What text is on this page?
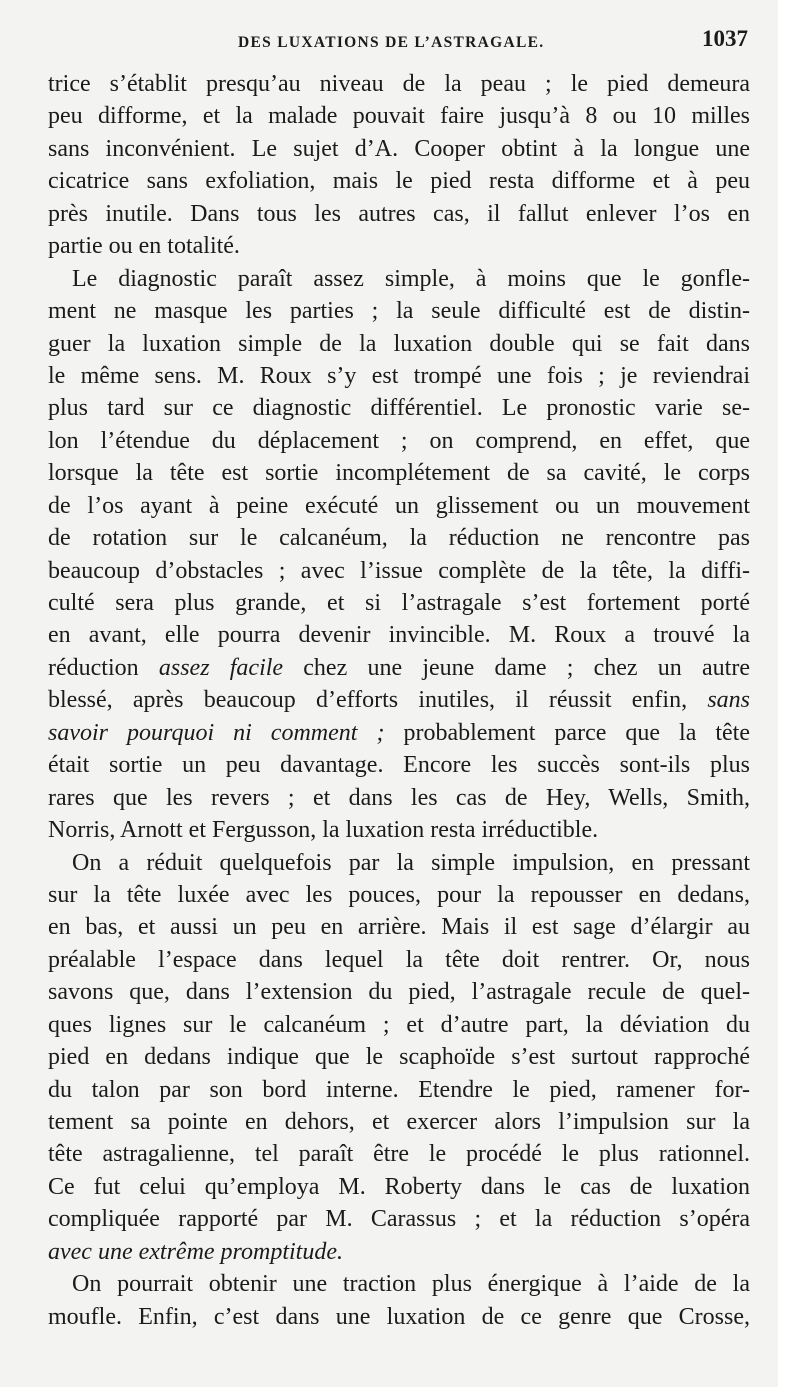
DES LUXATIONS DE L’ASTRAGALE.	1037
trice s’établit presqu’au niveau de la peau ; le pied demeura
peu difforme, et la malade pouvait faire jusqu’à 8 ou 10 milles
sans inconvénient. Le sujet d’A. Cooper obtint à la longue une
cicatrice sans exfoliation, mais le pied resta difforme et à peu
près inutile. Dans tous les autres cas, il fallut enlever l’os en
partie ou en totalité.
Le diagnostic paraît assez simple, à moins que le gonfle-
ment ne masque les parties ; la seule difficulté est de distin-
guer la luxation simple de la luxation double qui se fait dans
le même sens. M. Roux s’y est trompé une fois ; je reviendrai
plus tard sur ce diagnostic différentiel. Le pronostic varie se-
lon l’étendue du déplacement ; on comprend, en effet, que
lorsque la tête est sortie incomplétement de sa cavité, le corps
de l’os ayant à peine exécuté un glissement ou un mouvement
de rotation sur le calcanéum, la réduction ne rencontre pas
beaucoup d’obstacles ; avec l’issue complète de la tête, la diffi-
culté sera plus grande, et si l’astragale s’est fortement porté
en avant, elle pourra devenir invincible. M. Roux a trouvé la
réduction assez facile chez une jeune dame ; chez un autre
blessé, après beaucoup d’efforts inutiles, il réussit enfin, sans
savoir pourquoi ni comment ; probablement parce que la tête
était sortie un peu davantage. Encore les succès sont-ils plus
rares que les revers ; et dans les cas de Hey, Wells, Smith,
Norris, Arnott et Fergusson, la luxation resta irréductible.
On a réduit quelquefois par la simple impulsion, en pressant
sur la tête luxée avec les pouces, pour la repousser en dedans,
en bas, et aussi un peu en arrière. Mais il est sage d’élargir au
préalable l’espace dans lequel la tête doit rentrer. Or, nous
savons que, dans l’extension du pied, l’astragale recule de quel-
ques lignes sur le calcanéum ; et d’autre part, la déviation du
pied en dedans indique que le scaphoïde s’est surtout rapproché
du talon par son bord interne. Etendre le pied, ramener for-
tement sa pointe en dehors, et exercer alors l’impulsion sur la
tête astragalienne, tel paraît être le procédé le plus rationnel.
Ce fut celui qu’employa M. Roberty dans le cas de luxation
compliquée rapporté par M. Carassus ; et la réduction s’opéra
avec une extrême promptitude.
On pourrait obtenir une traction plus énergique à l’aide de la
moufle. Enfin, c’est dans une luxation de ce genre que Crosse,
